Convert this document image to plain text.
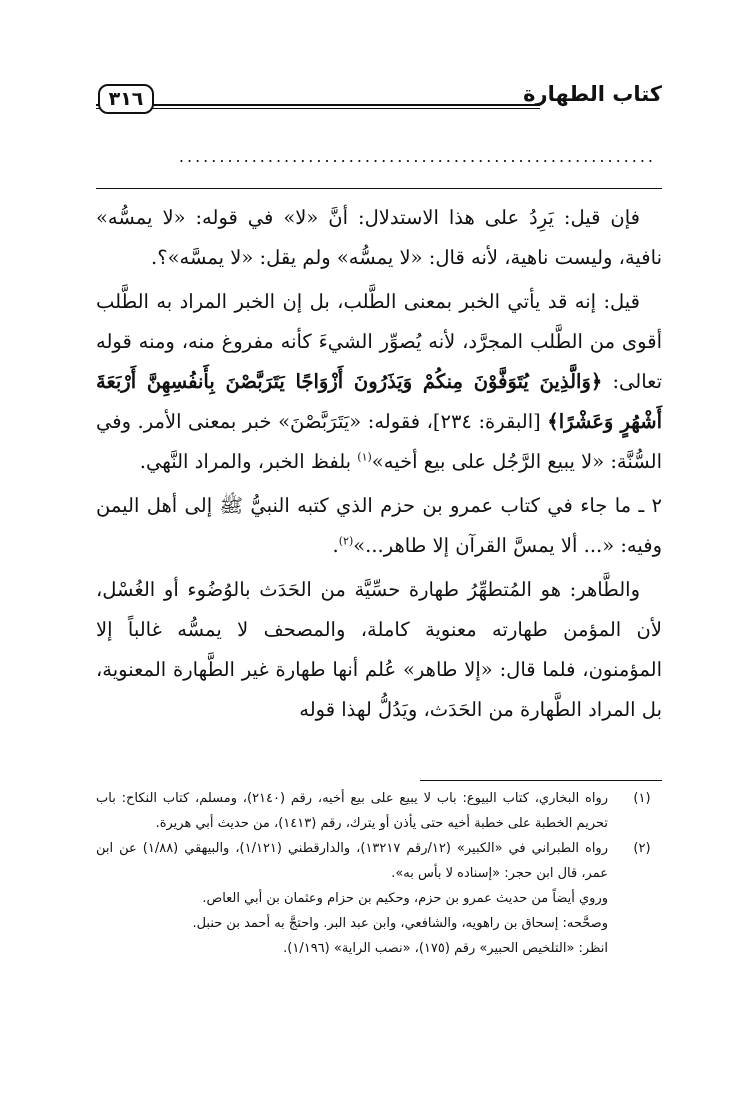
كتاب الطهارة
٣١٦
...........................................................

فإن قيل: يَرِدُ على هذا الاستدلال: أنَّ «لا» في قوله: «لا يمسُّه» نافية، وليست ناهية، لأنه قال: «لا يمسُّه» ولم يقل: «لا يمسَّه»؟.

قيل: إنه قد يأتي الخبر بمعنى الطَّلب، بل إن الخبر المراد به الطَّلب أقوى من الطَّلب المجرَّد، لأنه يُصوِّر الشيءَ كأنه مفروغ منه، ومنه قوله تعالى: ﴿وَالَّذِينَ يُتَوَفَّوْنَ مِنكُمْ وَيَذَرُونَ أَزْوَاجًا يَتَرَبَّصْنَ بِأَنفُسِهِنَّ أَرْبَعَةَ أَشْهُرٍ وَعَشْرًا﴾ [البقرة: ٢٣٤]، فقوله: «يَتَرَبَّصْنَ» خبر بمعنى الأمر. وفي السُّنَّة: «لا يبيع الرَّجُل على بيع أخيه»$^{(١)}$ بلفظ الخبر، والمراد النَّهي.

٢ ـ ما جاء في كتاب عمرو بن حزم الذي كتبه النبيُّ ﷺ إلى أهل اليمن وفيه: «... ألا يمسَّ القرآن إلا طاهر...»$^{(٢)}$.

والطَّاهر: هو المُتطهِّرُ طهارة حسِّيَّة من الحَدَث بالوُضُوء أو الغُسْل، لأن المؤمن طهارته معنوية كاملة، والمصحف لا يمسُّه غالباً إلا المؤمنون، فلما قال: «إلا طاهر» عُلم أنها طهارة غير الطَّهارة المعنوية، بل المراد الطَّهارة من الحَدَث، ويَدُلُّ لهذا قوله

(١)

رواه البخاري، كتاب البيوع: باب لا يبيع على بيع أخيه، رقم (٢١٤٠)، ومسلم، كتاب النكاح: باب تحريم الخطبة على خطبة أخيه حتى يأذن أو يترك، رقم (١٤١٣)، من حديث أبي هريرة.

(٢)

رواه الطبراني في «الكبير» (١٢/رقم ١٣٢١٧)، والدارقطني (١/١٢١)، والبيهقي (١/٨٨) عن ابن عمر، قال ابن حجر: «إسناده لا بأس به».

وروي أيضاً من حديث عمرو بن حزم، وحكيم بن حزام وعثمان بن أبي العاص.

وصحَّحه: إسحاق بن راهويه، والشافعي، وابن عبد البر. واحتجَّ به أحمد بن حنبل.

انظر: «التلخيص الحبير» رقم (١٧٥)، «نصب الراية» (١/١٩٦).
